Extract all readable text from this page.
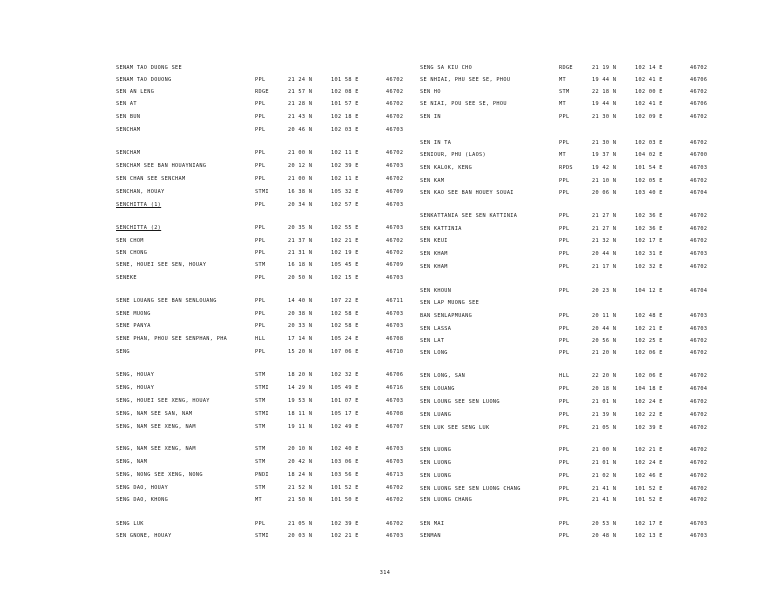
SENAM TAO DUONG SEE
SENAM TAO DOUONG	PPL	21 24 N	101 58 E	46702
SEN AN LENG	RDGE	21 57 N	102 08 E	46702
SEN AT	PPL	21 28 N	101 57 E	46702
SEN BUN	PPL	21 43 N	102 18 E	46702
SÈNCHAM	PPL	20 46 N	102 03 E	46703
SÈNCHAM	PPL	21 00 N	102 11 E	46702
SÈNCHAM SEE BAN HOUAYNIANG	PPL	20 12 N	102 39 E	46703
SEN CHAN SEE SÈNCHAM	PPL	21 00 N	102 11 E	46702
SÈNCHAN, HOUAY	STMI	16 38 N	105 32 E	46709
SENCHITTA (1)	PPL	20 34 N	102 57 E	46703
SENCHITTA (2)	PPL	20 35 N	102 55 E	46703
SEN CHOM	PPL	21 37 N	102 21 E	46702
SEN CHÔNG	PPL	21 31 N	102 19 E	46702
SENE, HOUEI SEE SÈN, HOUAY	STM	16 18 N	105 45 E	46709
SENEKE	PPL	20 50 N	102 15 E	46703
SENE LOUANG SEE BAN SÈNLOUANG	PPL	14 40 N	107 22 E	46711
SENE MUONG	PPL	20 38 N	102 58 E	46703
SENE PANYA	PPL	20 33 N	102 58 E	46703
SENE PHAN, PHOU SEE SÈNPHAN, PHA	HLL	17 14 N	105 24 E	46708
SÈNG	PPL	15 20 N	107 06 E	46710
SENG, HOUAY	STM	18 20 N	102 32 E	46706
SÈNG, HOUAY	STMI	14 29 N	105 49 E	46716
SENG, HOUEI SEE XENG, HOUAY	STM	19 53 N	101 07 E	46703
SENG, NAM SEE SAN, NAM	STMI	18 11 N	105 17 E	46708
SENG, NAM SEE XÈNG, NAM	STM	19 11 N	102 49 E	46707
SENG, NAM SEE XENG, NAM	STM	20 10 N	102 40 E	46703
SÈNG, NAM	STM	20 42 N	103 06 E	46703
SENG, NONG SEE XENG, NONG	PNDI	18 24 N	103 56 E	46713
SENG DAO, HOUAY	STM	21 52 N	101 52 E	46702
SENG DAO, KHONG	MT	21 50 N	101 50 E	46702
SENG LUK	PPL	21 05 N	102 39 E	46702
SÈN GNONE, HOUAY	STMI	20 03 N	102 21 E	46703
SENG SA KIU CHÔ	RDGE	21 19 N	102 14 E	46702
SÉ NHIAI, PHU SEE SÉ, PHOU	MT	19 44 N	102 41 E	46706
SÈN HÔ	STM	22 18 N	102 00 E	46702
SÉ NIAI, POU SEE SÉ, PHOU	MT	19 44 N	102 41 E	46706
SÈN IN	PPL	21 30 N	102 09 E	46702
SEN IN TA	PPL	21 30 N	102 03 E	46702
SENIOUR, PHU (LAOS)	MT	19 37 N	104 02 E	46700
SEN KALOK, KÈNG	RPDS	19 42 N	101 54 E	46703
SEN KAM	PPL	21 10 N	102 05 E	46702
SEN KAO SEE BAN HOUEY SOUAI	PPL	20 06 N	103 40 E	46704
SENKATTANIA SEE SEN KATTINIA	PPL	21 27 N	102 36 E	46702
SEN KATTINIA	PPL	21 27 N	102 36 E	46702
SEN KEUI	PPL	21 32 N	102 17 E	46702
SÈN KHAM	PPL	20 44 N	102 31 E	46703
SEN KHAM	PPL	21 17 N	102 32 E	46702
SÈN KHOUN	PPL	20 23 N	104 12 E	46704
SEN LAP MUONG SEE
BAN SÈNLAPMUANG	PPL	20 11 N	102 48 E	46703
SEN LASSA	PPL	20 44 N	102 21 E	46703
SEN LAT	PPL	20 56 N	102 25 E	46702
SEN LONG	PPL	21 20 N	102 06 E	46702
SEN LONG, SAN	HLL	22 20 N	102 06 E	46702
SÈN LOUANG	PPL	20 18 N	104 18 E	46704
SEN LOUNG SEE SEN LUONG	PPL	21 01 N	102 24 E	46702
SEN LUANG	PPL	21 39 N	102 22 E	46702
SEN LUK SEE SENG LUK	PPL	21 05 N	102 39 E	46702
SEN LUONG	PPL	21 00 N	102 21 E	46702
SEN LUONG	PPL	21 01 N	102 24 E	46702
SEN LUONG	PPL	21 02 N	102 46 E	46702
SEN LUONG SEE SEN LUONG CHANG	PPL	21 41 N	101 52 E	46702
SEN LUONG CHANG	PPL	21 41 N	101 52 E	46702
SEN MAI	PPL	20 53 N	102 17 E	46703
SÈNMAN	PPL	20 48 N	102 13 E	46703
314
